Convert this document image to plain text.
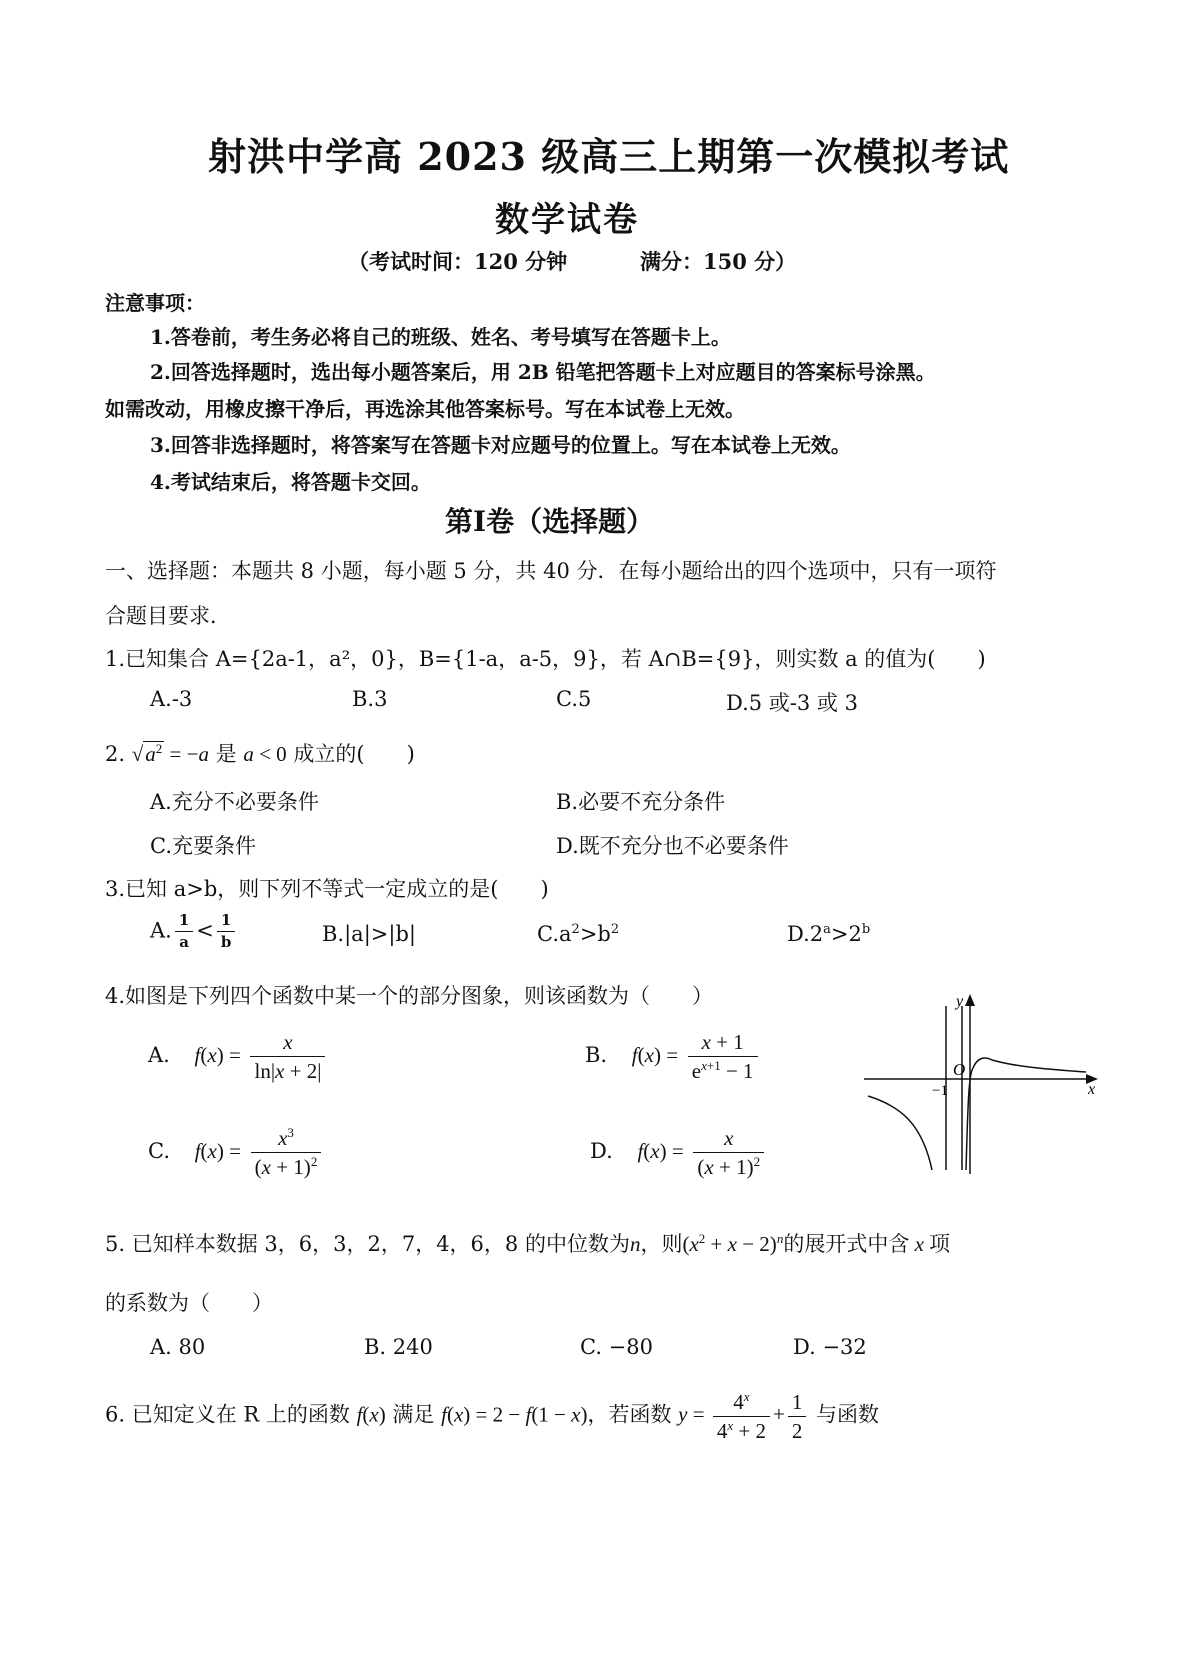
射洪中学高 2023 级高三上期第一次模拟考试
数学试卷
（考试时间：120 分钟	满分：150 分）
注意事项：
1.答卷前，考生务必将自己的班级、姓名、考号填写在答题卡上。
2.回答选择题时，选出每小题答案后，用 2B 铅笔把答题卡上对应题目的答案标号涂黑。
如需改动，用橡皮擦干净后，再选涂其他答案标号。写在本试卷上无效。
3.回答非选择题时，将答案写在答题卡对应题号的位置上。写在本试卷上无效。
4.考试结束后，将答题卡交回。
第I卷（选择题）
一、选择题：本题共 8 小题，每小题 5 分，共 40 分．在每小题给出的四个选项中，只有一项符
合题目要求．
1.已知集合 A={2a-1，a²，0}，B={1-a，a-5，9}，若 A∩B={9}，则实数 a 的值为(　　)
A.-3	B.3	C.5	D.5 或-3 或 3
2. $√a^2 = -a$ 是 a < 0 成立的(　　)
A.充分不必要条件	B.必要不充分条件
C.充要条件	D.既不充分也不必要条件
3.已知 a>b，则下列不等式一定成立的是(　　)
A. $\frac{1}{a} < \frac{1}{b}$	B.|a|>|b|	$C.a^2>b^2$	$D.2^a>2^b$
4.如图是下列四个函数中某一个的部分图象，则该函数为（　　）
A. $f(x) = \frac{x}{\ln|x + 2|}$	B. $f(x) = \frac{x + 1}{e^{x+1} - 1}$
C. $f(x) = \frac{x^3}{(x + 1)^2}$	D. $f(x) = \frac{x}{(x + 1)^2}$
y
x
O
−1
5. 已知样本数据 3，6，3，2，7，4，6，8 的中位数为n，则$(x^2 + x - 2)^n$的展开式中含 x 项
的系数为（　　）
A. 80	B. 240	C. −80	D. −32
6. 已知定义在 R 上的函数 f(x) 满足 f(x) = 2 − f(1 − x)，若函数 $y = \frac{4^x}{4^x + 2} + \frac{1}{2}$ 与函数
